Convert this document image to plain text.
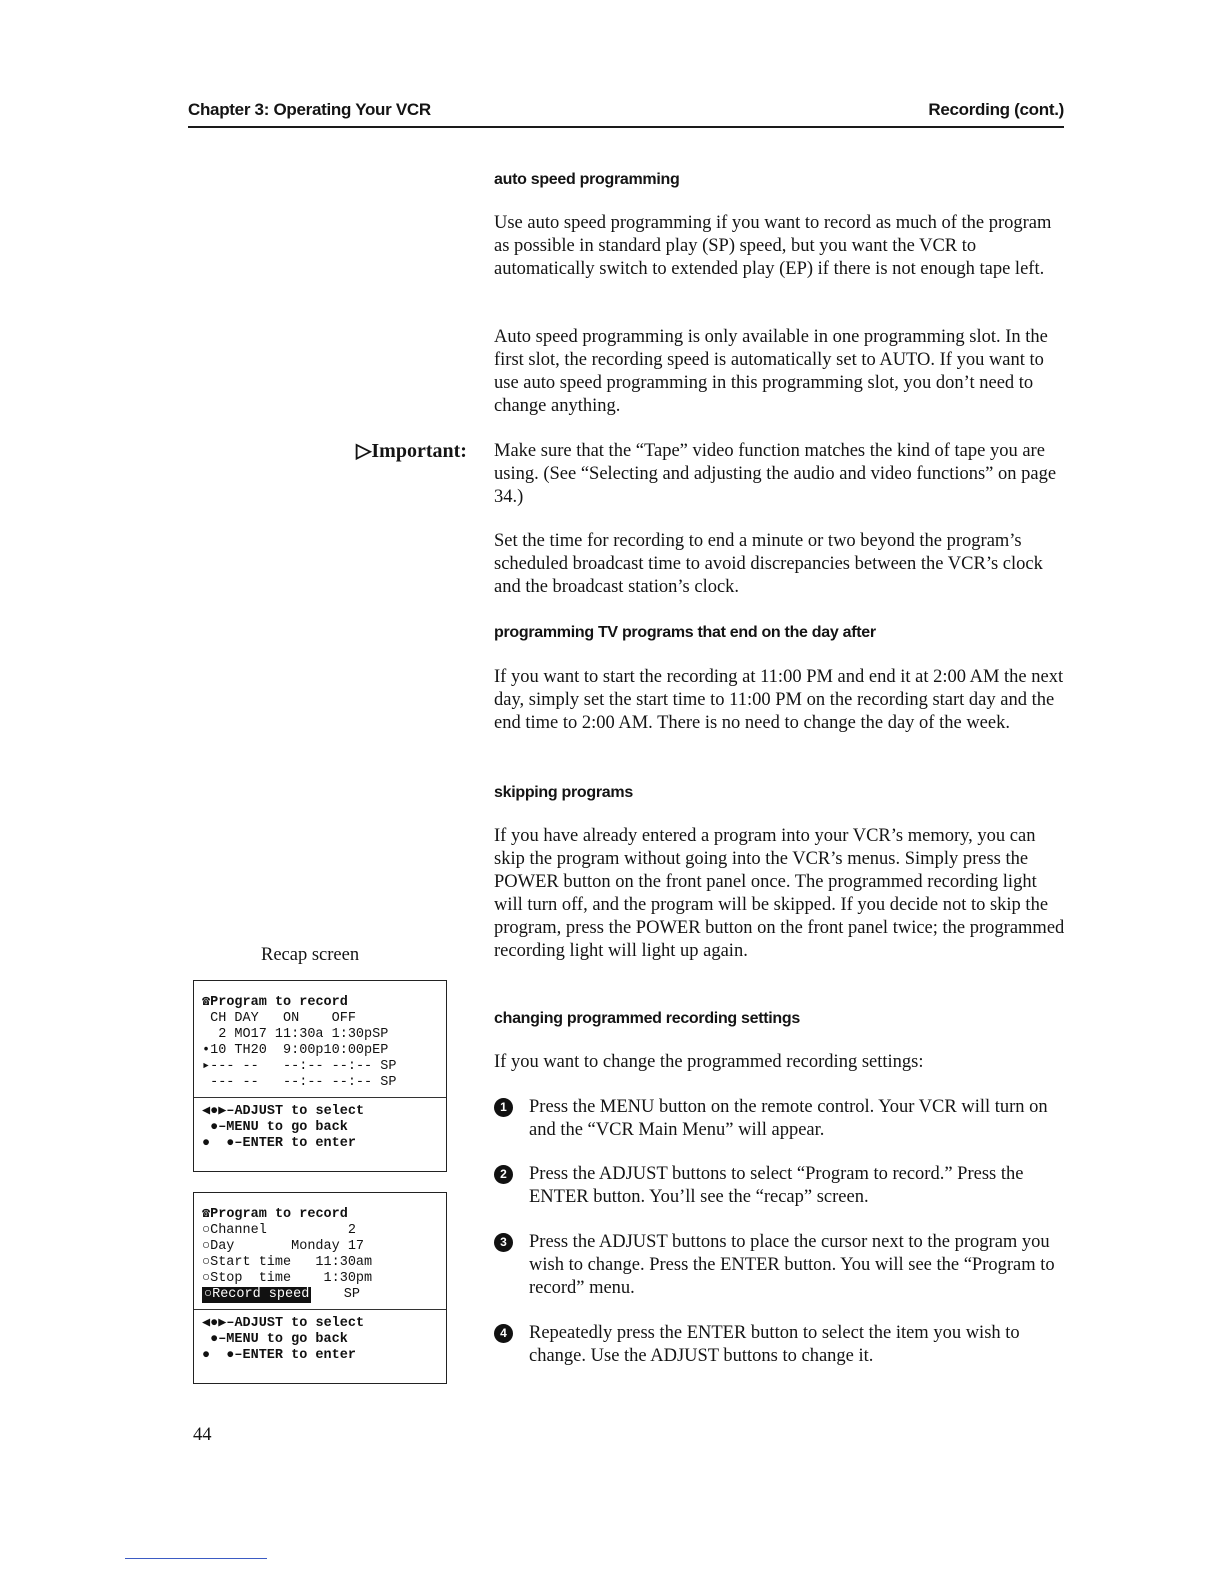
Chapter 3: Operating Your VCR	Recording (cont.)
auto speed programming

Use auto speed programming if you want to record as much of the program as possible in standard play (SP) speed, but you want the VCR to automatically switch to extended play (EP) if there is not enough tape left.

Auto speed programming is only available in one programming slot. In the first slot, the recording speed is automatically set to AUTO. If you want to use auto speed programming in this programming slot, you don’t need to change anything.

▷Important: Make sure that the “Tape” video function matches the kind of tape you are using. (See “Selecting and adjusting the audio and video functions” on page 34.)

Set the time for recording to end a minute or two beyond the program’s scheduled broadcast time to avoid discrepancies between the VCR’s clock and the broadcast station’s clock.

programming TV programs that end on the day after

If you want to start the recording at 11:00 PM and end it at 2:00 AM the next day, simply set the start time to 11:00 PM on the recording start day and the end time to 2:00 AM. There is no need to change the day of the week.

skipping programs

If you have already entered a program into your VCR’s memory, you can skip the program without going into the VCR’s menus. Simply press the POWER button on the front panel once. The programmed recording light will turn off, and the program will be skipped. If you decide not to skip the program, press the POWER button on the front panel twice; the programmed recording light will light up again.

changing programmed recording settings

If you want to change the programmed recording settings:

1	Press the MENU button on the remote control. Your VCR will turn on and the “VCR Main Menu” will appear.

2	Press the ADJUST buttons to select “Program to record.” Press the ENTER button. You’ll see the “recap” screen.

3	Press the ADJUST buttons to place the cursor next to the program you wish to change. Press the ENTER button. You will see the “Program to record” menu.

4	Repeatedly press the ENTER button to select the item you wish to change. Use the ADJUST buttons to change it.

Recap screen
☎Program to record
CH DAY   ON    OFF
2 MO17 11:30a 1:30pSP
•10 TH20  9:00p10:00pEP
▸--- --   --:-- --:-- SP
--- --   --:-- --:-- SP
◀●▶–ADJUST to select
●–MENU to go back
●  ●–ENTER to enter
☎Program to record
○Channel          2
○Day       Monday 17
○Start time   11:30am
○Stop  time    1:30pm
○Record speed	SP
◀●▶–ADJUST to select
●–MENU to go back
●  ●–ENTER to enter
44
